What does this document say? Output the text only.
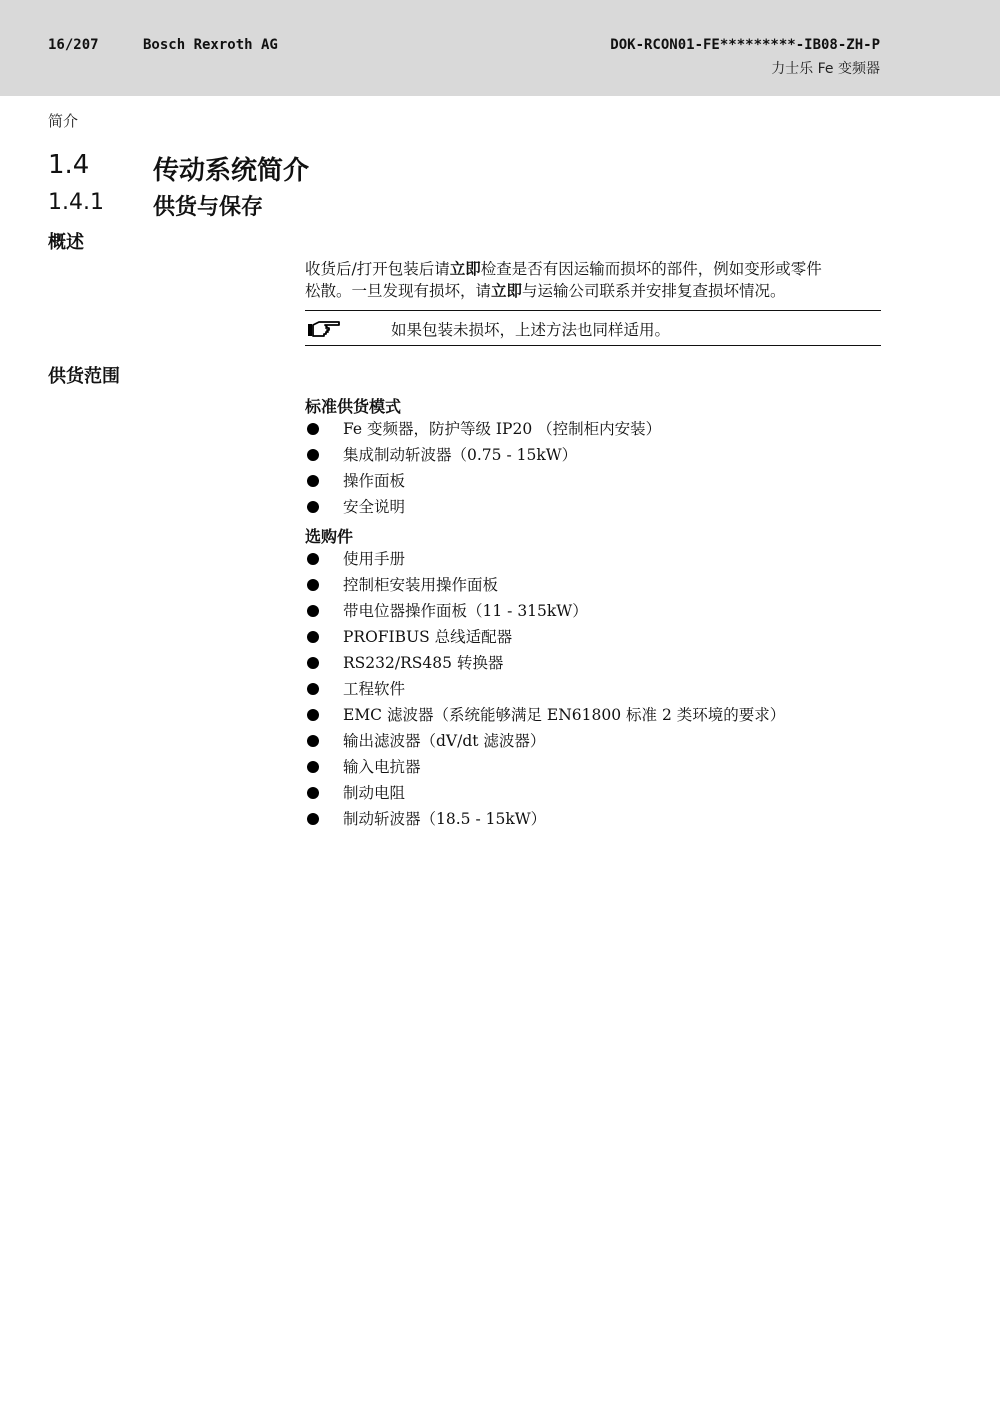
16/207	Bosch Rexroth AG	DOK-RCON01-FE*********-IB08-ZH-P
力士乐 Fe 变频器
简介
1.4 传动系统简介
1.4.1 供货与保存
概述
收货后/打开包装后请立即检查是否有因运输而损坏的部件，例如变形或零件
松散。一旦发现有损坏，请立即与运输公司联系并安排复查损坏情况。
如果包装未损坏，上述方法也同样适用。
供货范围
标准供货模式
Fe 变频器，防护等级 IP20 （控制柜内安装）
集成制动斩波器（0.75 - 15kW）
操作面板
安全说明
选购件
使用手册
控制柜安装用操作面板
带电位器操作面板（11 - 315kW）
PROFIBUS 总线适配器
RS232/RS485 转换器
工程软件
EMC 滤波器（系统能够满足 EN61800 标准 2 类环境的要求）
输出滤波器（dV/dt 滤波器）
输入电抗器
制动电阻
制动斩波器（18.5 - 15kW）
